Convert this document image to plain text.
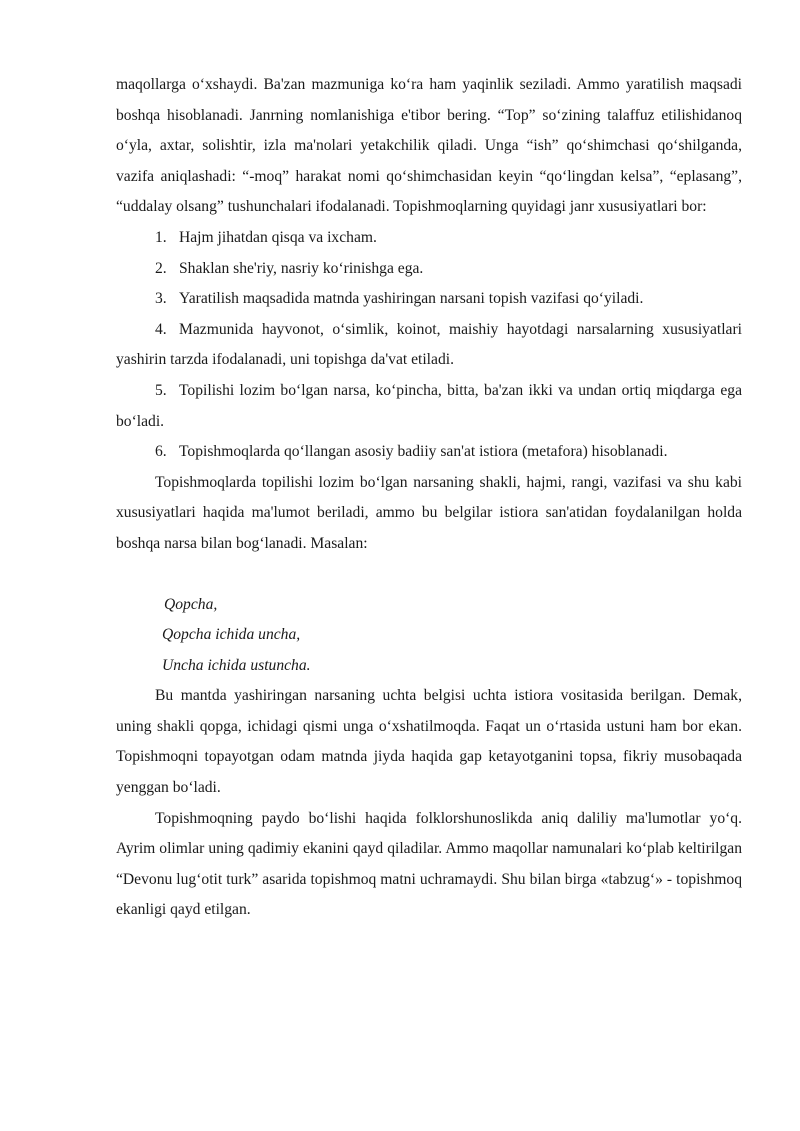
maqollarga o‘xshaydi. Ba'zan mazmuniga ko‘ra ham yaqinlik seziladi. Ammo yaratilish maqsadi boshqa hisoblanadi. Janrning nomlanishiga e'tibor bering. “Top” so‘zining talaffuz etilishidanoq o‘yla, axtar, solishtir, izla ma'nolari yetakchilik qiladi. Unga “ish” qo‘shimchasi qo‘shilganda, vazifa aniqlashadi: “-moq” harakat nomi qo‘shimchasidan keyin “qo‘lingdan kelsa”, “eplasang”, “uddalay olsang” tushunchalari ifodalanadi. Topishmoqlarning quyidagi janr xususiyatlari bor:

1. Hajm jihatdan qisqa va ixcham.

2. Shaklan she'riy, nasriy ko‘rinishga ega.

3. Yaratilish maqsadida matnda yashiringan narsani topish vazifasi qo‘yiladi.

4. Mazmunida hayvonot, o‘simlik, koinot, maishiy hayotdagi narsalarning xususiyatlari yashirin tarzda ifodalanadi, uni topishga da'vat etiladi.

5. Topilishi lozim bo‘lgan narsa, ko‘pincha, bitta, ba'zan ikki va undan ortiq miqdarga ega bo‘ladi.

6. Topishmoqlarda qo‘llangan asosiy badiiy san'at istiora (metafora) hisoblanadi.

Topishmoqlarda topilishi lozim bo‘lgan narsaning shakli, hajmi, rangi, vazifasi va shu kabi xususiyatlari haqida ma'lumot beriladi, ammo bu belgilar istiora san'atidan foydalanilgan holda boshqa narsa bilan bog‘lanadi. Masalan:

Qopcha,

Qopcha ichida uncha,

Uncha ichida ustuncha.

Bu mantda yashiringan narsaning uchta belgisi uchta istiora vositasida berilgan. Demak, uning shakli qopga, ichidagi qismi unga o‘xshatilmoqda. Faqat un o‘rtasida ustuni ham bor ekan. Topishmoqni topayotgan odam matnda jiyda haqida gap ketayotganini topsa, fikriy musobaqada yenggan bo‘ladi.

Topishmoqning paydo bo‘lishi haqida folklorshunoslikda aniq daliliy ma'lumotlar yo‘q. Ayrim olimlar uning qadimiy ekanini qayd qiladilar. Ammo maqollar namunalari ko‘plab keltirilgan “Devonu lug‘otit turk” asarida topishmoq matni uchramaydi. Shu bilan birga «tabzug‘» - topishmoq ekanligi qayd etilgan.
